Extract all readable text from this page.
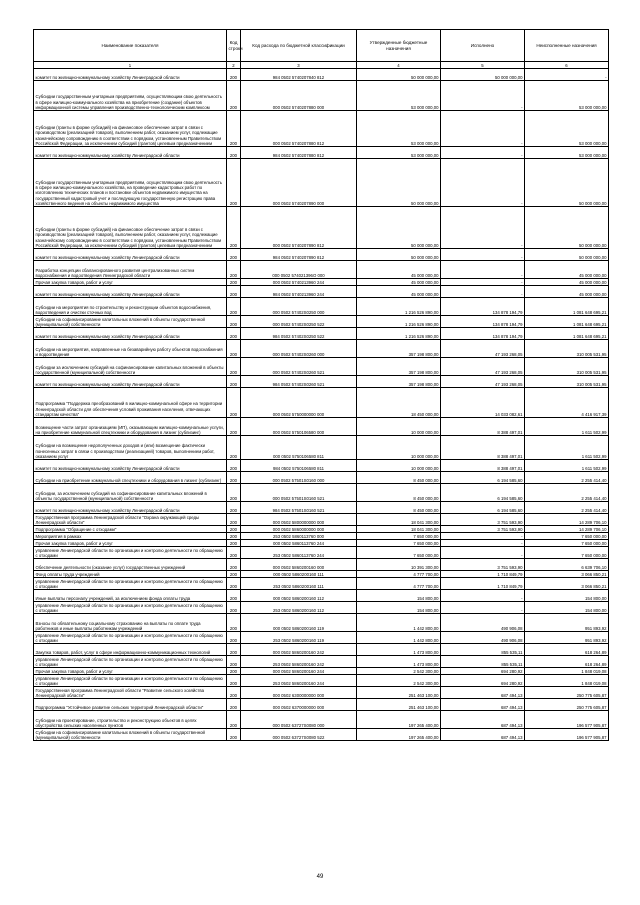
Наименование показателя	Код строки	Код расхода по бюджетной классификации	Утвержденные бюджетные назначения	Исполнено	Неисполненные назначения
1	2	3	4	5	6
комитет по жилищно-коммунальному хозяйству Ленинградской области	200	984 0502 5740207840 812	50 000 000,00	50 000 000,00	-
Субсидии государственным унитарным предприятиям, осуществляющим свою деятельность в сфере жилищно-коммунального хозяйства на приобретение (создание) объектов информационной системы управления производственно-технологическим комплексом	200	000 0502 5740207880 000	53 000 000,00	-	53 000 000,00
Субсидии (гранты в форме субсидий) на финансовое обеспечение затрат в связи с производством (реализацией товаров), выполнением работ, оказанием услуг, подлежащие казначейскому сопровождению в соответствии с порядком, установленным Правительством Российской Федерации, за исключением субсидий (грантов) целевым предназначением	200	000 0502 5740207880 812	53 000 000,00	-	53 000 000,00
комитет по жилищно-коммунальному хозяйству Ленинградской области	200	984 0502 5740207880 812	53 000 000,00	-	53 000 000,00
Субсидии государственным унитарным предприятиям, осуществляющим свою деятельность в сфере жилищно-коммунального хозяйства, на проведение кадастровых работ по изготовлению технических планов и постановке объектов недвижимого имущества на государственный кадастровый учет и последующую государственную регистрацию права хозяйственного ведения на объекты недвижимого имущества	200	000 0502 5740207890 000	50 000 000,00	-	50 000 000,00
Субсидии (гранты в форме субсидий) на финансовое обеспечение затрат в связи с производством (реализацией товаров), выполнением работ, оказанием услуг, подлежащие казначейскому сопровождению в соответствии с порядком, установленным Правительством Российской Федерации, за исключением субсидий (грантов) целевым предназначением	200	000 0502 5740207890 812	50 000 000,00	-	50 000 000,00
комитет по жилищно-коммунальному хозяйству Ленинградской области	200	984 0502 5740207890 812	50 000 000,00	-	50 000 000,00
Разработка концепции сбалансированного развития централизованных систем водоснабжения и водоотведения Ленинградской области	200	000 0502 574021396О 000	45 000 000,00	-	45 000 000,00
Прочая закупка товаров, работ и услуг	200	000 0502 5740213960 244	45 000 000,00	-	45 000 000,00
комитет по жилищно-коммунальному хозяйству Ленинградской области	200	984 0502 5740213960 244	45 000 000,00	-	45 000 000,00
Субсидии на мероприятия по строительству и реконструкции объектов водоснабжения, водоотведения и очистки сточных вод	200	000 0502 57402S0250 000	1 216 526 890,00	134 878 194,79	1 081 648 695,21
Субсидии на софинансирование капитальных вложений в объекты государственной (муниципальной) собственности	200	000 0502 57402S0250 522	1 216 526 890,00	134 878 194,79	1 081 648 695,21
комитет по жилищно-коммунальному хозяйству Ленинградской области	200	984 0502 57402S0250 522	1 216 526 890,00	134 878 194,79	1 081 648 695,21
Субсидии на мероприятия, направленные на безаварийную работу объектов водоснабжения и водоотведения	200	000 0502 57402S0260 000	357 198 800,00	47 193 268,05	310 005 531,95
Субсидии за исключением субсидий на софинансирование капитальных вложений в объекты государственной (муниципальной) собственности	200	000 0502 57402S0260 521	357 198 800,00	47 193 268,05	310 005 531,95
комитет по жилищно-коммунальному хозяйству Ленинградской области	200	984 0502 57402S0260 521	357 198 800,00	47 193 268,05	310 005 531,95
Подпрограмма "Поддержка преобразований в жилищно-коммунальной сфере на территории Ленинградской области для обеспечения условий проживания населения, отвечающих стандартам качества"	200	000 0502 5750000000 000	18 450 000,00	14 033 082,61	4 416 917,39
Возмещение части затрат организациям (ИП), оказывающим жилищно-коммунальные услуги, на приобретение коммунальной спецтехники и оборудования в лизинг (сублизинг)	200	000 0502 5750106580 000	10 000 000,00	8 388 497,01	1 611 502,99
Субсидии на возмещение недополученных доходов и (или) возмещение фактически понесенных затрат в связи с производством (реализацией) товаров, выполнением работ, оказанием услуг	200	000 0502 5750106580 811	10 000 000,00	8 388 497,01	1 611 502,99
комитет по жилищно-коммунальному хозяйству Ленинградской области	200	984 0502 5750106580 811	10 000 000,00	8 388 497,01	1 611 502,99
Субсидии на приобретение коммунальной спецтехники и оборудования в лизинг (сублизинг)	200	000 0502 57501S0160 000	8 450 000,00	6 194 585,60	2 255 414,40
Субсидии, за исключением субсидий на софинансирование капитальных вложений в объекты государственной (муниципальной) собственности	200	000 0502 57501S0160 521	8 450 000,00	6 194 585,60	2 255 414,40
комитет по жилищно-коммунальному хозяйству Ленинградской области	200	984 0502 57501S0160 521	8 450 000,00	6 194 585,60	2 255 414,40
Государственная программа Ленинградской области "Охрана окружающей среды Ленинградской области"	200	000 0502 5800000000 000	18 041 300,00	3 751 593,90	14 289 706,10
Подпрограмма "Обращение с отходами"	200	000 0502 5860000000 000	18 041 300,00	3 751 593,90	14 289 706,10
Мероприятия в рамках	200	253 0502 5860113760 000	7 650 000,00	-	7 650 000,00
Прочая закупка товаров, работ и услуг	200	000 0502 5860113760 244	7 650 000,00	-	7 650 000,00
управление Ленинградской области по организации и контролю деятельности по обращению с отходами	200	253 0502 5860113760 244	7 650 000,00	-	7 650 000,00
Обеспечение деятельности (оказание услуг) государственных учреждений	200	000 0502 5860200160 000	10 391 300,00	3 751 593,90	6 639 706,10
Фонд оплаты труда учреждений	200	000 0502 5860200160 111	4 777 700,00	1 710 849,79	3 066 850,21
управление Ленинградской области по организации и контролю деятельности по обращению с отходами	200	253 0502 5860200160 111	4 777 700,00	1 710 849,79	3 066 850,21
Иные выплаты персоналу учреждений, за исключением фонда оплаты труда	200	000 0502 5860200160 112	154 800,00	-	154 800,00
управление Ленинградской области по организации и контролю деятельности по обращению с отходами	200	253 0502 5860200160 112	154 800,00	-	154 800,00
Взносы по обязательному социальному страхованию на выплаты по оплате труда работников и иные выплаты работникам учреждений	200	000 0502 5860200160 119	1 442 800,00	490 906,08	951 893,92
управление Ленинградской области по организации и контролю деятельности по обращению с отходами	200	253 0502 5860200160 119	1 442 800,00	490 906,08	951 893,92
Закупка товаров, работ, услуг в сфере информационно-коммуникационных технологий	200	000 0502 5860200160 242	1 473 800,00	855 535,11	618 264,89
управление Ленинградской области по организации и контролю деятельности по обращению с отходами	200	253 0502 5860200160 242	1 473 800,00	855 535,11	618 264,89
Прочая закупка товаров, работ и услуг	200	000 0502 5860200160 244	2 542 300,00	694 280,92	1 848 019,08
управление Ленинградской области по организации и контролю деятельности по обращению с отходами	200	253 0502 5860200160 244	2 542 300,00	694 280,92	1 848 019,08
Государственная программа Ленинградской области "Развитие сельского хозяйства Ленинградской области"	200	000 0502 6300000000 000	251 463 100,00	687 494,13	250 775 605,87
Подпрограмма "Устойчивое развитие сельских территорий Ленинградской области"	200	000 0502 6370000000 000	251 463 100,00	687 494,13	250 775 605,87
Субсидии на проектирование, строительство и реконструкцию объектов в целях обустройства сельских населенных пунктов	200	000 0502 63727S0080 000	197 265 400,00	687 494,13	196 577 905,87
Субсидии на софинансирование капитальных вложений в объекты государственной (муниципальной) собственности	200	000 0502 63727S0080 522	197 265 400,00	687 494,13	196 577 905,87
49
